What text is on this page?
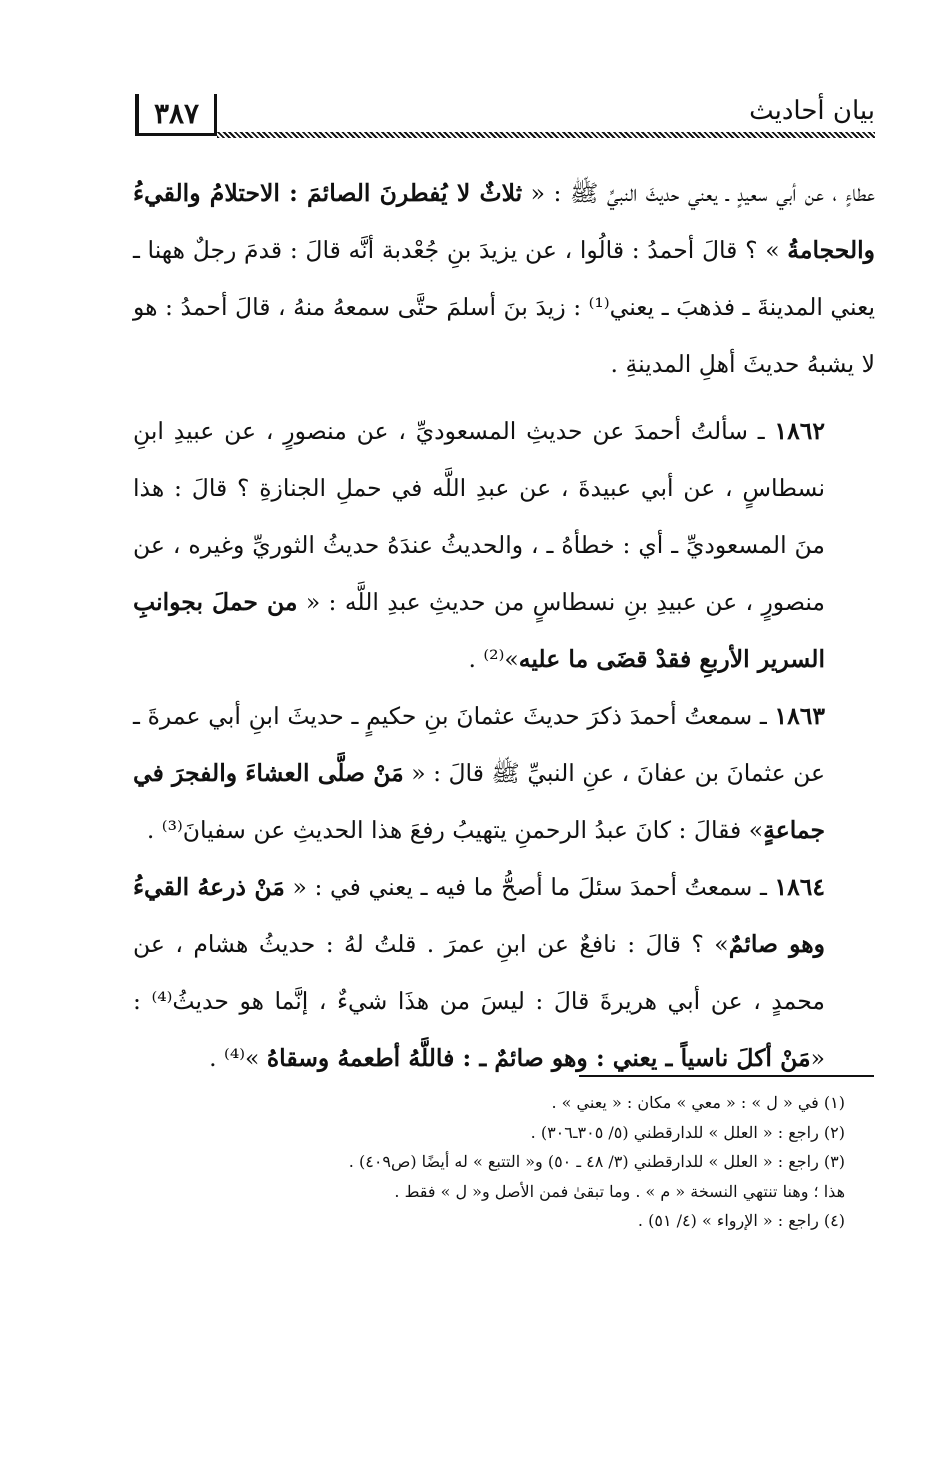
٣٨٧	بيان أحاديث

عطاءٍ ، عن أبي سعيدٍ ـ يعني حديثَ النبيِّ ﷺ : « ثلاثٌ لا يُفطرنَ الصائمَ : الاحتلامُ والقيءُ والحجامةُ » ؟ قالَ أحمدُ : قالُوا ، عن يزيدَ بنِ جُعْدبة أنَّه قالَ : قدمَ رجلٌ ههنا ـ يعني المدينةَ ـ فذهبَ ـ يعني⁽¹⁾ : زيدَ بنَ أسلمَ حتَّى سمعهُ منهُ ، قالَ أحمدُ : هو لا يشبهُ حديثَ أهلِ المدينةِ .

١٨٦٢ ـ سألتُ أحمدَ عن حديثِ المسعوديِّ ، عن منصورٍ ، عن عبيدِ ابنِ نسطاسٍ ، عن أبي عبيدةَ ، عن عبدِ اللَّه في حملِ الجنازةِ ؟ قالَ : هذا منَ المسعوديِّ ـ أي : خطأهُ ـ ، والحديثُ عندَهُ حديثُ الثوريِّ وغيره ، عن منصورٍ ، عن عبيدِ بنِ نسطاسٍ من حديثِ عبدِ اللَّه : « من حملَ بجوانبِ السرير الأربعِ فقدْ قضَى ما عليه»⁽²⁾ .

١٨٦٣ ـ سمعتُ أحمدَ ذكرَ حديثَ عثمانَ بنِ حكيمٍ ـ حديثَ ابنِ أبي عمرةَ ـ عن عثمانَ بن عفانَ ، عنِ النبيِّ ﷺ قالَ : « مَنْ صلَّى العشاءَ والفجرَ في جماعةٍ» فقالَ : كانَ عبدُ الرحمنِ يتهيبُ رفعَ هذا الحديثِ عن سفيانَ⁽³⁾ .

١٨٦٤ ـ سمعتُ أحمدَ سئلَ ما أصحُّ ما فيه ـ يعني في : « مَنْ ذرعهُ القيءُ وهو صائمٌ» ؟ قالَ : نافعٌ عن ابنِ عمرَ . قلتُ لهُ : حديثُ هشام ، عن محمدٍ ، عن أبي هريرةَ قالَ : ليسَ من هذَا شيءٌ ، إنَّما هو حديثُ⁽⁴⁾ : «مَنْ أكلَ ناسياً ـ يعني : وهو صائمٌ ـ : فاللَّهُ أطعمهُ وسقاهُ »⁽⁴⁾ .

(١) في « ل » : « معي » مكان : « يعني » .

(٢) راجع : « العلل » للدارقطني (٥/ ٣٠٥ـ٣٠٦) .

(٣) راجع : « العلل » للدارقطني (٣/ ٤٨ ـ ٥٠) و« التتبع » له أيضًا (ص٤٠٩) .

هذا ؛ وهنا تنتهي النسخة « م » . وما تبقىٰ فمن الأصل و« ل » فقط .

(٤) راجع : « الإرواء » (٤/ ٥١) .
